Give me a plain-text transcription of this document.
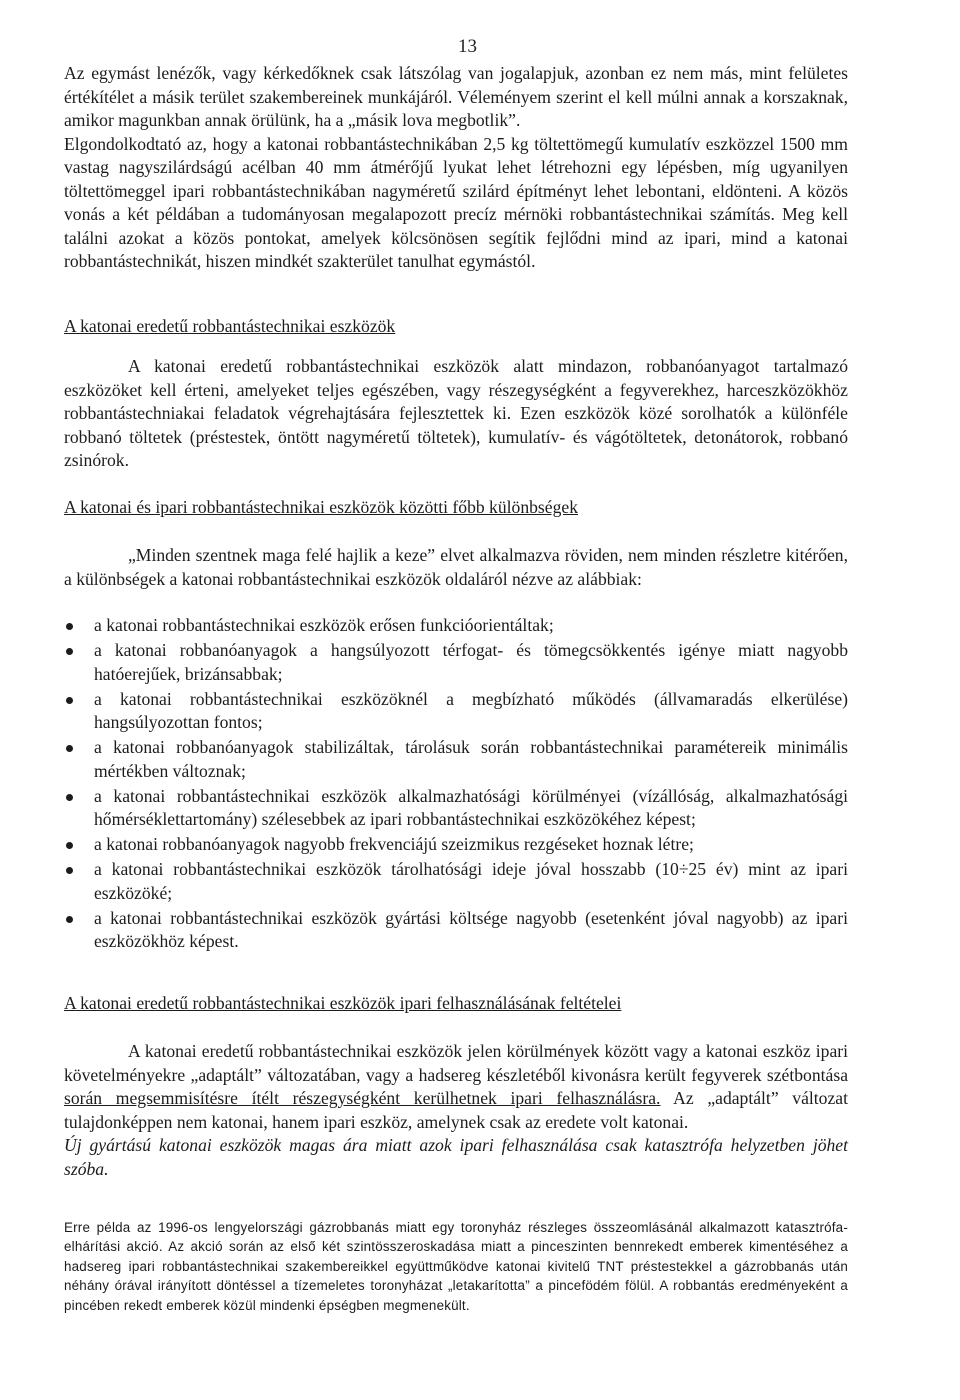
13

Az egymást lenézők, vagy kérkedőknek csak látszólag van jogalapjuk, azonban ez nem más, mint felületes értékítélet a másik terület szakembereinek munkájáról. Véleményem szerint el kell múlni annak a korszaknak, amikor magunkban annak örülünk, ha a „másik lova megbotlik”.

Elgondolkodtató az, hogy a katonai robbantástechnikában 2,5 kg töltettömegű kumulatív eszközzel 1500 mm vastag nagyszilárdságú acélban 40 mm átmérőjű lyukat lehet létrehozni egy lépésben, míg ugyanilyen töltettömeggel ipari robbantástechnikában nagyméretű szilárd építményt lehet lebontani, eldönteni. A közös vonás a két példában a tudományosan megalapozott precíz mérnöki robbantástechnikai számítás. Meg kell találni azokat a közös pontokat, amelyek kölcsönösen segítik fejlődni mind az ipari, mind a katonai robbantástechnikát, hiszen mindkét szakterület tanulhat egymástól.

A katonai eredetű robbantástechnikai eszközök

A katonai eredetű robbantástechnikai eszközök alatt mindazon, robbanóanyagot tartalmazó eszközöket kell érteni, amelyeket teljes egészében, vagy részegységként a fegyverekhez, harceszközökhöz robbantástechniakai feladatok végrehajtására fejlesztettek ki. Ezen eszközök közé sorolhatók a különféle robbanó töltetek (préstestek, öntött nagyméretű töltetek), kumulatív- és vágótöltetek, detonátorok, robbanó zsinórok.

A katonai és ipari robbantástechnikai eszközök közötti főbb különbségek

„Minden szentnek maga felé hajlik a keze” elvet alkalmazva röviden, nem minden részletre kitérően, a különbségek a katonai robbantástechnikai eszközök oldaláról nézve az alábbiak:

a katonai robbantástechnikai eszközök erősen funkcióorientáltak;
a katonai robbanóanyagok a hangsúlyozott térfogat- és tömegcsökkentés igénye miatt nagyobb hatóerejűek, brizánsabbak;
a katonai robbantástechnikai eszközöknél a megbízható működés (állvamaradás elkerülése) hangsúlyozottan fontos;
a katonai robbanóanyagok stabilizáltak, tárolásuk során robbantástechnikai paramétereik minimális mértékben változnak;
a katonai robbantástechnikai eszközök alkalmazhatósági körülményei (vízállóság, alkalmazhatósági hőmérséklettartomány) szélesebbek az ipari robbantástechnikai eszközökéhez képest;
a katonai robbanóanyagok nagyobb frekvenciájú szeizmikus rezgéseket hoznak létre;
a katonai robbantástechnikai eszközök tárolhatósági ideje jóval hosszabb (10÷25 év) mint az ipari eszközöké;
a katonai robbantástechnikai eszközök gyártási költsége nagyobb (esetenként jóval nagyobb) az ipari eszközökhöz képest.
A katonai eredetű robbantástechnikai eszközök ipari felhasználásának feltételei

A katonai eredetű robbantástechnikai eszközök jelen körülmények között vagy a katonai eszköz ipari követelményekre „adaptált” változatában, vagy a hadsereg készletéből kivonásra került fegyverek szétbontása során megsemmisítésre ítélt részegységként kerülhetnek ipari felhasználásra. Az „adaptált” változat tulajdonképpen nem katonai, hanem ipari eszköz, amelynek csak az eredete volt katonai.

Új gyártású katonai eszközök magas ára miatt azok ipari felhasználása csak katasztrófa helyzetben jöhet szóba.

Erre példa az 1996-os lengyelországi gázrobbanás miatt egy toronyház részleges összeomlásánál alkalmazott katasztrófa-elhárítási akció. Az akció során az első két szintösszeroskadása miatt a pinceszinten bennrekedt emberek kimentéséhez a hadsereg ipari robbantástechnikai szakembereikkel együttműködve katonai kivitelű TNT préstestekkel a gázrobbanás után néhány órával irányított döntéssel a tízemeletes toronyházat „letakarította” a pincefödém fölül. A robbantás eredményeként a pincében rekedt emberek közül mindenki épségben megmenekült.
